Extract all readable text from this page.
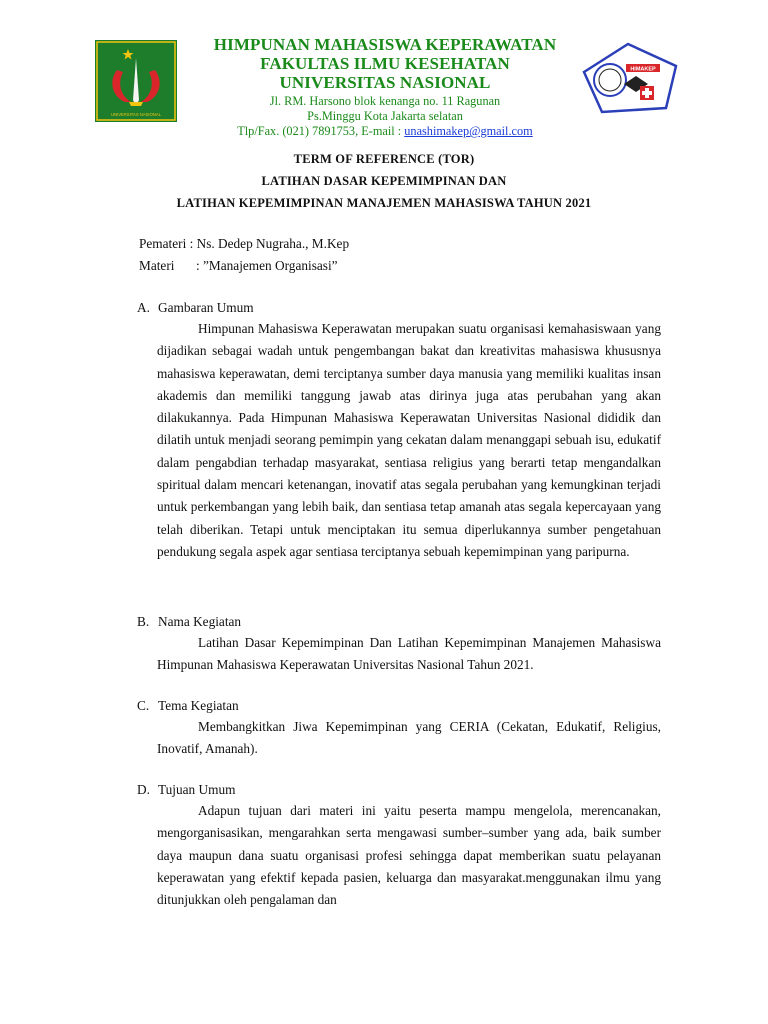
UNIVERSITAS NASIONAL
HIMPUNAN MAHASISWA KEPERAWATAN
FAKULTAS ILMU KESEHATAN
UNIVERSITAS NASIONAL
Jl. RM. Harsono blok kenanga no. 11 Ragunan
Ps.Minggu Kota Jakarta selatan
Tlp/Fax. (021) 7891753, E-mail : unashimakep@gmail.com
HIMAKEP
TERM OF REFERENCE (TOR)
LATIHAN DASAR KEPEMIMPINAN DAN
LATIHAN KEPEMIMPINAN MANAJEMEN MAHASISWA TAHUN 2021
Pemateri : Ns. Dedep Nugraha., M.Kep
Materi : ”Manajemen Organisasi”
A. Gambaran Umum

Himpunan Mahasiswa Keperawatan merupakan suatu organisasi kemahasiswaan yang dijadikan sebagai wadah untuk pengembangan bakat dan kreativitas mahasiswa khususnya mahasiswa keperawatan, demi terciptanya sumber daya manusia yang memiliki kualitas insan akademis dan memiliki tanggung jawab atas dirinya juga atas perubahan yang akan dilakukannya. Pada Himpunan Mahasiswa Keperawatan Universitas Nasional dididik dan dilatih untuk menjadi seorang pemimpin yang cekatan dalam menanggapi sebuah isu, edukatif dalam pengabdian terhadap masyarakat, sentiasa religius yang berarti tetap mengandalkan spiritual dalam mencari ketenangan, inovatif atas segala perubahan yang kemungkinan terjadi untuk perkembangan yang lebih baik, dan sentiasa tetap amanah atas segala kepercayaan yang telah diberikan. Tetapi untuk menciptakan itu semua diperlukannya sumber pengetahuan pendukung segala aspek agar sentiasa terciptanya sebuah kepemimpinan yang paripurna.

B. Nama Kegiatan

Latihan Dasar Kepemimpinan Dan Latihan Kepemimpinan Manajemen Mahasiswa Himpunan Mahasiswa Keperawatan Universitas Nasional Tahun 2021.

C. Tema Kegiatan

Membangkitkan Jiwa Kepemimpinan yang CERIA (Cekatan, Edukatif, Religius, Inovatif, Amanah).

D. Tujuan Umum

Adapun tujuan dari materi ini yaitu peserta mampu mengelola, merencanakan, mengorganisasikan, mengarahkan serta mengawasi sumber–sumber yang ada, baik sumber daya maupun dana suatu organisasi profesi sehingga dapat memberikan suatu pelayanan keperawatan yang efektif kepada pasien, keluarga dan masyarakat.menggunakan ilmu yang ditunjukkan oleh pengalaman dan
